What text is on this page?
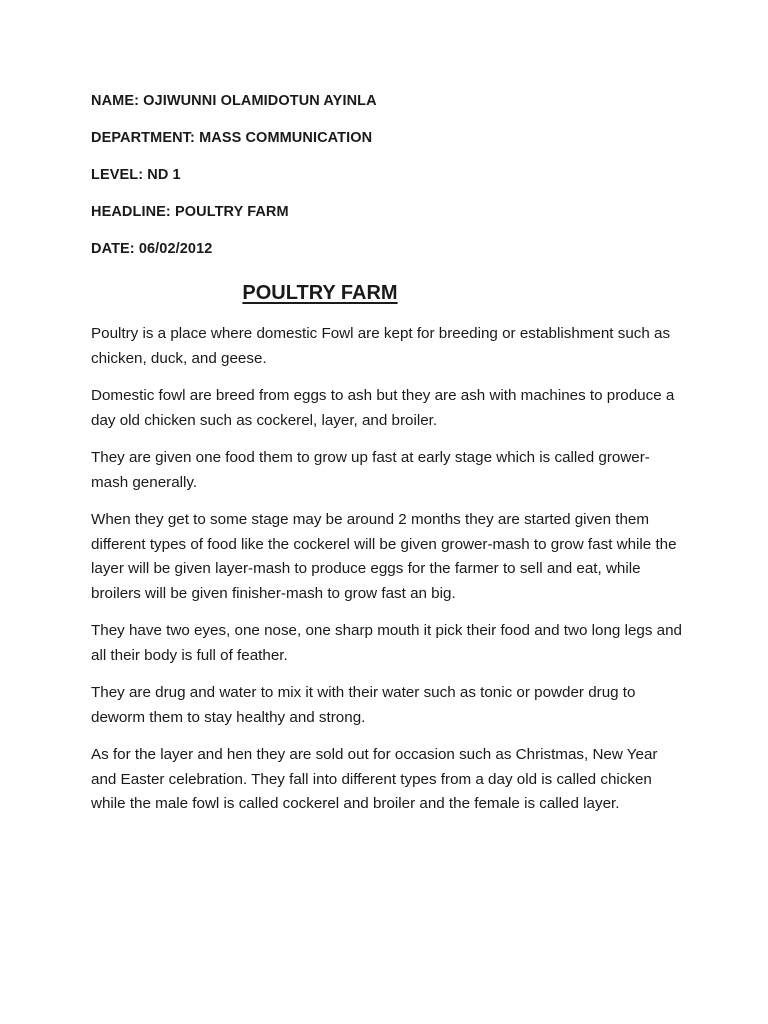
NAME: OJIWUNNI OLAMIDOTUN AYINLA

DEPARTMENT: MASS COMMUNICATION

LEVEL: ND 1

HEADLINE: POULTRY FARM

DATE: 06/02/2012

POULTRY FARM

Poultry is a place where domestic Fowl are kept for breeding or establishment such as chicken, duck, and geese.

Domestic fowl are breed from eggs to ash but they are ash with machines to produce a day old chicken such as cockerel, layer, and broiler.

They are given one food them to grow up fast at early stage which is called grower-mash generally.

When they get to some stage may be around 2 months they are started given them different types of food like the cockerel will be given grower-mash to grow fast while the layer will be given layer-mash to produce eggs for the farmer to sell and eat, while broilers will be given finisher-mash to grow fast an big.

They have two eyes, one nose, one sharp mouth it pick their food and two long legs and all their body is full of feather.

They are drug and water to mix it with their water such as tonic or powder drug to deworm them to stay healthy and strong.

As for the layer and hen they are sold out for occasion such as Christmas, New Year and Easter celebration. They fall into different types from a day old is called chicken while the male fowl is called cockerel and broiler and the female is called layer.
